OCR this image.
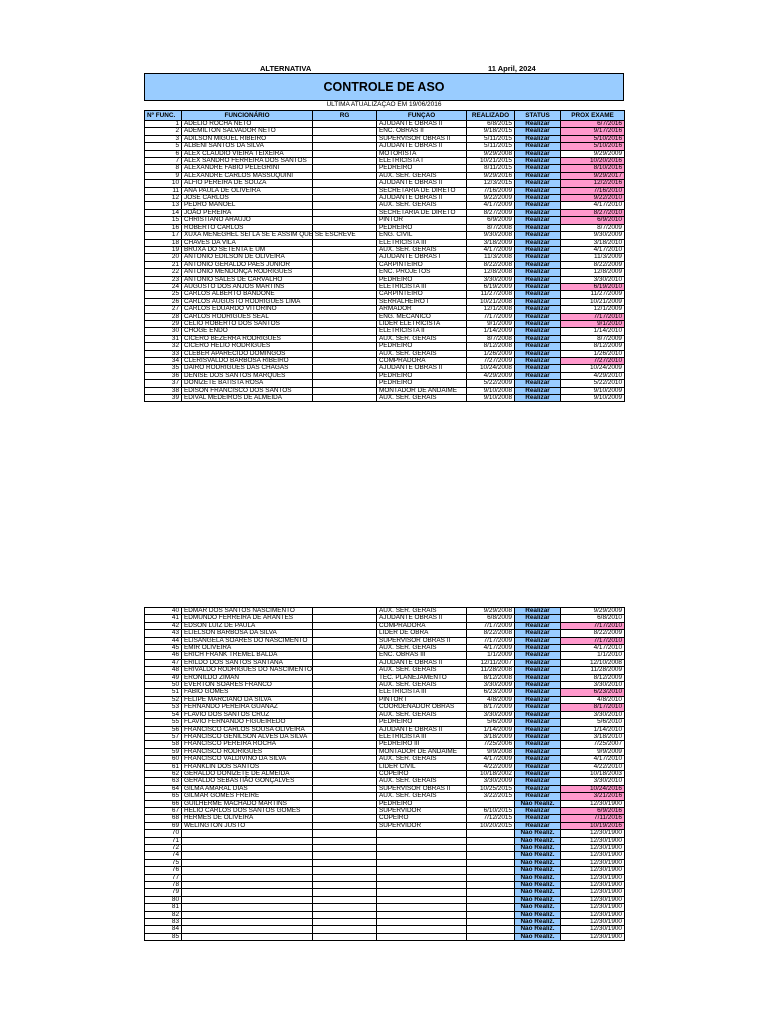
ALTERNATIVA	11 April, 2024
CONTROLE DE ASO
ULTIMA ATUALIZAÇAO EM 19/06/2016
Nº FUNC.	FUNCIONÁRIO	RG	FUNÇAO	REALIZADO	STATUS	PROX EXAME
1	ADELIO ROCHA NETO		AJUDANTE OBRAS II	6/8/2015	Realizar	6/7/2016
2	ADEMILTON SALVADOR NETO		ENC. OBRAS II	9/18/2015	Realizar	9/17/2016
3	ADILSON MIGUEL RIBEIRO		SUPERVISOR OBRAS II	5/11/2015	Realizar	5/10/2016
5	ALBENI SANTOS DA SILVA		AJUDANTE OBRAS II	5/11/2015	Realizar	5/10/2016
6	ALEX CLAUDIO VIEIRA TEIXEIRA		MOTORISTA	9/29/2008	Realizar	9/29/2009
7	ALEX SANDRO FERREIRA DOS SANTOS		ELETRICISTA I	10/21/2015	Realizar	10/20/2016
8	ALEXANDRE FABIO PELEGRINI		PEDREIRO	8/11/2015	Realizar	8/10/2016
9	ALEXANDRE CARLOS MASSUQUINI		AUX. SER. GERAIS	9/29/2016	Realizar	9/29/2017
10	ALFIO PEREIRA DE SOUZA		AJUDANTE OBRAS II	12/3/2015	Realizar	12/2/2016
11	ANA PAULA DE OLIVEIRA		SECRETARIA DE DIRETO	7/16/2009	Realizar	7/16/2010
12	JOSE CARLOS		AJUDANTE OBRAS II	9/22/2009	Realizar	9/22/2010
13	PEDRO MANOEL		AUX. SER. GERAIS	4/17/2009	Realizar	4/17/2010
14	JOÃO PEREIRA		SECRETARIA DE DIRETO	8/27/2009	Realizar	8/27/2010
15	CHRISTIANO ARAUJO		PINTOR	6/9/2009	Realizar	6/9/2010
16	ROBERTO CARLOS		PEDREIRO	8/7/2008	Realizar	8/7/2009
17	XUXA MENEGHEL SEI LA SE E ASSIM QUE SE ESCREVE		ENG. CIVIL	9/30/2008	Realizar	9/30/2009
18	CHAVES DA VILA		ELETRICISTA III	3/18/2009	Realizar	3/18/2010
19	BRUXA DO SETENTA E UM		AUX. SER. GERAIS	4/17/2009	Realizar	4/17/2010
20	ANTONIO EDILSON DE OLIVEIRA		AJUDANTE OBRAS I	11/3/2008	Realizar	11/3/2009
21	ANTONIO GERALDO PAES JUNIOR		CARPINTEIRO	8/22/2008	Realizar	8/22/2009
22	ANTONIO MENDONÇA RODRIGUES		ENC. PROJETOS	12/8/2008	Realizar	12/8/2009
23	ANTONIO SALES DE CARVALHO		PEDREIRO	3/30/2009	Realizar	3/30/2010
24	AUGUSTO DOS ANJOS MARTINS		ELETRICISTA III	6/19/2009	Realizar	6/19/2010
25	CARLOS ALBERTO BANDONE		CARPINTEIRO	11/27/2008	Realizar	11/27/2009
26	CARLOS AUGUSTO RODRIGUES LIMA		SERRALHEIRO I	10/21/2008	Realizar	10/21/2009
27	CARLOS EDUARDO VITORINO		ARMADOR	12/1/2008	Realizar	12/1/2009
28	CARLOS RODRIGUES SEAL		ENG. MECANICO	7/17/2009	Realizar	7/17/2010
29	CELIO ROBERTO DOS SANTOS		LIDER ELETRICISTA	9/1/2009	Realizar	9/1/2010
30	CHOGE ENDO		ELETRICISTA II	1/14/2009	Realizar	1/14/2010
31	CICERO BEZERRA RODRIGUES		AUX. SER. GERAIS	8/7/2008	Realizar	8/7/2009
32	CICERO HELIO RODRIGUES		PEDREIRO	8/12/2008	Realizar	8/12/2009
33	CLEBER APARECIDO DOMINGOS		AUX. SER. GERAIS	1/26/2009	Realizar	1/26/2010
34	CLERISVALDO BARBOSA RIBEIRO		COMPRADORA	7/27/2009	Realizar	7/27/2010
35	DAIRO RODRIGUES DAS CHAGAS		AJUDANTE OBRAS II	10/24/2008	Realizar	10/24/2009
36	DENISE DOS SANTOS MARQUES		PEDREIRO	4/29/2009	Realizar	4/29/2010
37	DONIZETE BATISTA ROSA		PEDREIRO	5/22/2009	Realizar	5/22/2010
38	EDISON FRANCISCO DOS SANTOS		MONTADOR DE ANDAIME	9/10/2008	Realizar	9/10/2009
39	EDIVAL MEDEIROS DE ALMEIDA		AUX. SER. GERAIS	9/10/2008	Realizar	9/10/2009
40	EDMAR DOS SANTOS NASCIMENTO		AUX. SER. GERAIS	9/29/2008	Realizar	9/29/2009
41	EDMUNDO FERREIRA DE ARANTES		AJUDANTE OBRAS II	6/8/2009	Realizar	6/8/2010
42	EDSON LUIZ DE PAULA		COMPRADORA	7/17/2009	Realizar	7/17/2010
43	ELIELSON BARBOSA DA SILVA		LIDER DE OBRA	8/22/2008	Realizar	8/22/2009
44	ELISANGELA SOARES DO NASCIMENTO		SUPERVISOR OBRAS II	7/17/2009	Realizar	7/17/2010
45	EMIR OLIVEIRA		AUX. SER. GERAIS	4/17/2009	Realizar	4/17/2010
46	ERICH FRANK TREMEL BALDA		ENC. OBRAS III	1/1/2009	Realizar	1/1/2010
47	ERILDO DOS SANTOS SANTANA		AJUDANTE OBRAS II	12/11/2007	Realizar	12/10/2008
48	ERIVALDO RODRIGUES DO NASCIMENTO		AUX. SER. GERAIS	11/28/2008	Realizar	11/28/2009
49	ERONILDO ZIMAN		TEC. PLANEJAMENTO	8/12/2008	Realizar	8/12/2009
50	EVERTON SOARES FRANCO		AUX. SER. GERAIS	3/30/2009	Realizar	3/30/2010
51	FABIO GOMES		ELETRICISTA III	6/23/2009	Realizar	6/23/2010
52	FELIPE MARCIANO DA SILVA		PINTOR I	4/8/2009	Realizar	4/8/2010
53	FERNANDO PEREIRA GUANAZ		COORDENADOR OBRAS	8/17/2009	Realizar	8/17/2010
54	FLAVIO DOS SANTOS CRUZ		AUX. SER. GERAIS	3/30/2009	Realizar	3/30/2010
55	FLAVIO FERNANDO FIGUEIREDO		PEDREIRO	5/6/2009	Realizar	5/6/2010
56	FRANCISCO CARLOS SOUSA OLIVEIRA		AJUDANTE OBRAS II	1/14/2009	Realizar	1/14/2010
57	FRANCISCO GENILSON ALVES DA SILVA		ELETRICISTA III	3/18/2009	Realizar	3/18/2010
58	FRANCISCO PEREIRA ROCHA		PEDREIRO III	7/25/2006	Realizar	7/25/2007
59	FRANCISCO RODRIGUES		MONTADOR DE ANDAIME	9/9/2008	Realizar	9/9/2009
60	FRANCISCO VALDIVINO DA SILVA		AUX. SER. GERAIS	4/17/2009	Realizar	4/17/2010
61	FRANKLIN DOS SANTOS		LIDER CIVIL	4/22/2009	Realizar	4/22/2010
62	GERALDO DONIZETE DE ALMEIDA		COPEIRO	10/18/2002	Realizar	10/18/2003
63	GERALDO SEBASTIÃO GONÇALVES		AUX. SER. GERAIS	3/30/2009	Realizar	3/30/2010
64	GILMA AMARAL DIAS		SUPERVISOR OBRAS II	10/25/2015	Realizar	10/24/2016
65	GILMAR GOMES FREIRE		AUX. SER. GERAIS	3/22/2015	Realizar	3/21/2016
66	GUILHERME MACHADO MARTINS		PEDREIRO		Não Realiz.	12/30/1900
67	HELIO CARLOS DOS SANTOS GOMES		SUPERVIDOR	6/10/2015	Realizar	6/9/2016
68	HERMES DE OLIVEIRA		COPEIRO	7/12/2015	Realizar	7/11/2016
69	WELINGTON JUSTO		SUPERVIDOR	10/20/2015	Realizar	10/19/2016
70					Não Realiz.	12/30/1900
71					Não Realiz.	12/30/1900
72					Não Realiz.	12/30/1900
74					Não Realiz.	12/30/1900
75					Não Realiz.	12/30/1900
76					Não Realiz.	12/30/1900
77					Não Realiz.	12/30/1900
78					Não Realiz.	12/30/1900
79					Não Realiz.	12/30/1900
80					Não Realiz.	12/30/1900
81					Não Realiz.	12/30/1900
82					Não Realiz.	12/30/1900
83					Não Realiz.	12/30/1900
84					Não Realiz.	12/30/1900
85					Não Realiz.	12/30/1900
